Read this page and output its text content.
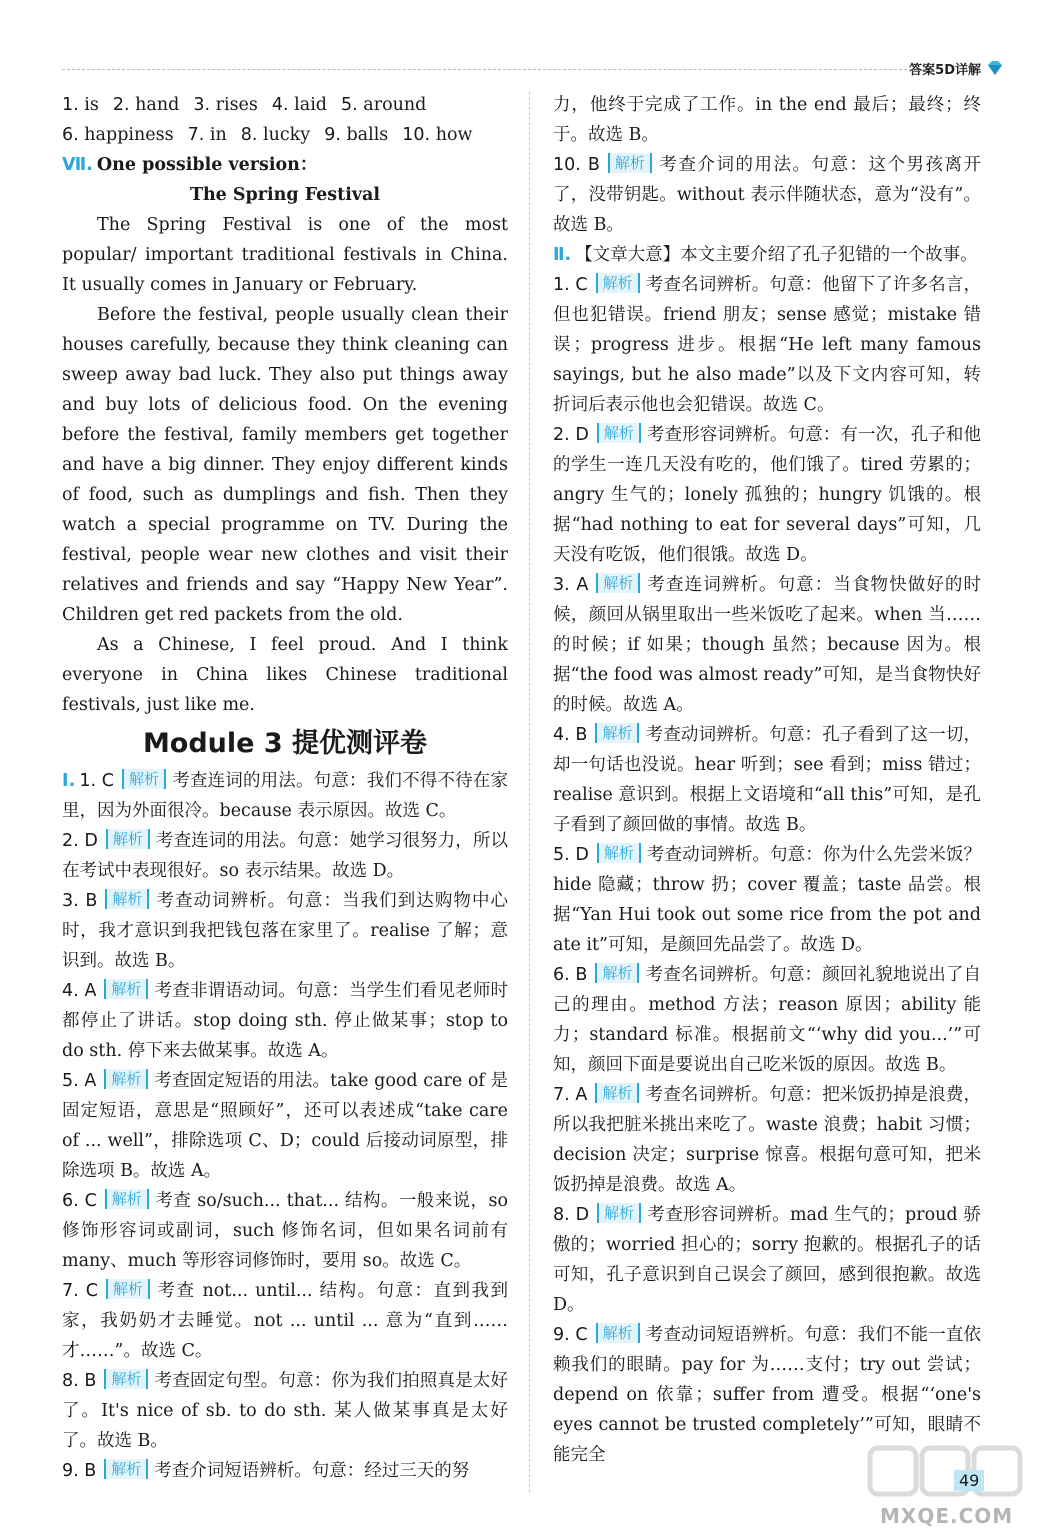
答案5D详解
1. is 2. hand 3. rises 4. laid 5. around
6. happiness 7. in 8. lucky 9. balls 10. how
Ⅶ. One possible version：
The Spring Festival
The Spring Festival is one of the most popular/ important traditional festivals in China. It usually comes in January or February.
Before the festival, people usually clean their houses carefully, because they think cleaning can sweep away bad luck. They also put things away and buy lots of delicious food. On the evening before the festival, family members get together and have a big dinner. They enjoy different kinds of food, such as dumplings and fish. Then they watch a special programme on TV. During the festival, people wear new clothes and visit their relatives and friends and say “Happy New Year”. Children get red packets from the old.
As a Chinese, I feel proud. And I think everyone in China likes Chinese traditional festivals, just like me.
Module 3 提优测评卷
Ⅰ. 1. C 解析 考查连词的用法。句意：我们不得不待在家里，因为外面很冷。because 表示原因。故选 C。
2. D 解析 考查连词的用法。句意：她学习很努力，所以在考试中表现很好。so 表示结果。故选 D。
3. B 解析 考查动词辨析。句意：当我们到达购物中心时，我才意识到我把钱包落在家里了。realise 了解；意识到。故选 B。
4. A 解析 考查非谓语动词。句意：当学生们看见老师时都停止了讲话。stop doing sth. 停止做某事；stop to do sth. 停下来去做某事。故选 A。
5. A 解析 考查固定短语的用法。take good care of 是固定短语，意思是“照顾好”，还可以表述成“take care of ... well”，排除选项 C、D；could 后接动词原型，排除选项 B。故选 A。
6. C 解析 考查 so/such... that... 结构。一般来说，so 修饰形容词或副词，such 修饰名词，但如果名词前有 many、much 等形容词修饰时，要用 so。故选 C。
7. C 解析 考查 not... until... 结构。句意：直到我到家，我奶奶才去睡觉。not ... until ... 意为“直到……才……”。故选 C。
8. B 解析 考查固定句型。句意：你为我们拍照真是太好了。It's nice of sb. to do sth. 某人做某事真是太好了。故选 B。
9. B 解析 考查介词短语辨析。句意：经过三天的努
力，他终于完成了工作。in the end 最后；最终；终于。故选 B。
10. B 解析 考查介词的用法。句意：这个男孩离开了，没带钥匙。without 表示伴随状态，意为“没有”。故选 B。
Ⅱ. 【文章大意】本文主要介绍了孔子犯错的一个故事。
1. C 解析 考查名词辨析。句意：他留下了许多名言，但也犯错误。friend 朋友；sense 感觉；mistake 错误；progress 进步。根据“He left many famous sayings, but he also made”以及下文内容可知，转折词后表示他也会犯错误。故选 C。
2. D 解析 考查形容词辨析。句意：有一次，孔子和他的学生一连几天没有吃的，他们饿了。tired 劳累的；angry 生气的；lonely 孤独的；hungry 饥饿的。根据“had nothing to eat for several days”可知，几天没有吃饭，他们很饿。故选 D。
3. A 解析 考查连词辨析。句意：当食物快做好的时候，颜回从锅里取出一些米饭吃了起来。when 当……的时候；if 如果；though 虽然；because 因为。根据“the food was almost ready”可知，是当食物快好的时候。故选 A。
4. B 解析 考查动词辨析。句意：孔子看到了这一切，却一句话也没说。hear 听到；see 看到；miss 错过；realise 意识到。根据上文语境和“all this”可知，是孔子看到了颜回做的事情。故选 B。
5. D 解析 考查动词辨析。句意：你为什么先尝米饭？hide 隐藏；throw 扔；cover 覆盖；taste 品尝。根据“Yan Hui took out some rice from the pot and ate it”可知，是颜回先品尝了。故选 D。
6. B 解析 考查名词辨析。句意：颜回礼貌地说出了自己的理由。method 方法；reason 原因；ability 能力；standard 标准。根据前文“‘why did you...’”可知，颜回下面是要说出自己吃米饭的原因。故选 B。
7. A 解析 考查名词辨析。句意：把米饭扔掉是浪费，所以我把脏米挑出来吃了。waste 浪费；habit 习惯；decision 决定；surprise 惊喜。根据句意可知，把米饭扔掉是浪费。故选 A。
8. D 解析 考查形容词辨析。mad 生气的；proud 骄傲的；worried 担心的；sorry 抱歉的。根据孔子的话可知，孔子意识到自己误会了颜回，感到很抱歉。故选 D。
9. C 解析 考查动词短语辨析。句意：我们不能一直依赖我们的眼睛。pay for 为……支付；try out 尝试；depend on 依靠；suffer from 遭受。根据“‘one's eyes cannot be trusted completely’”可知，眼睛不能完全
MXQE.COM
49
